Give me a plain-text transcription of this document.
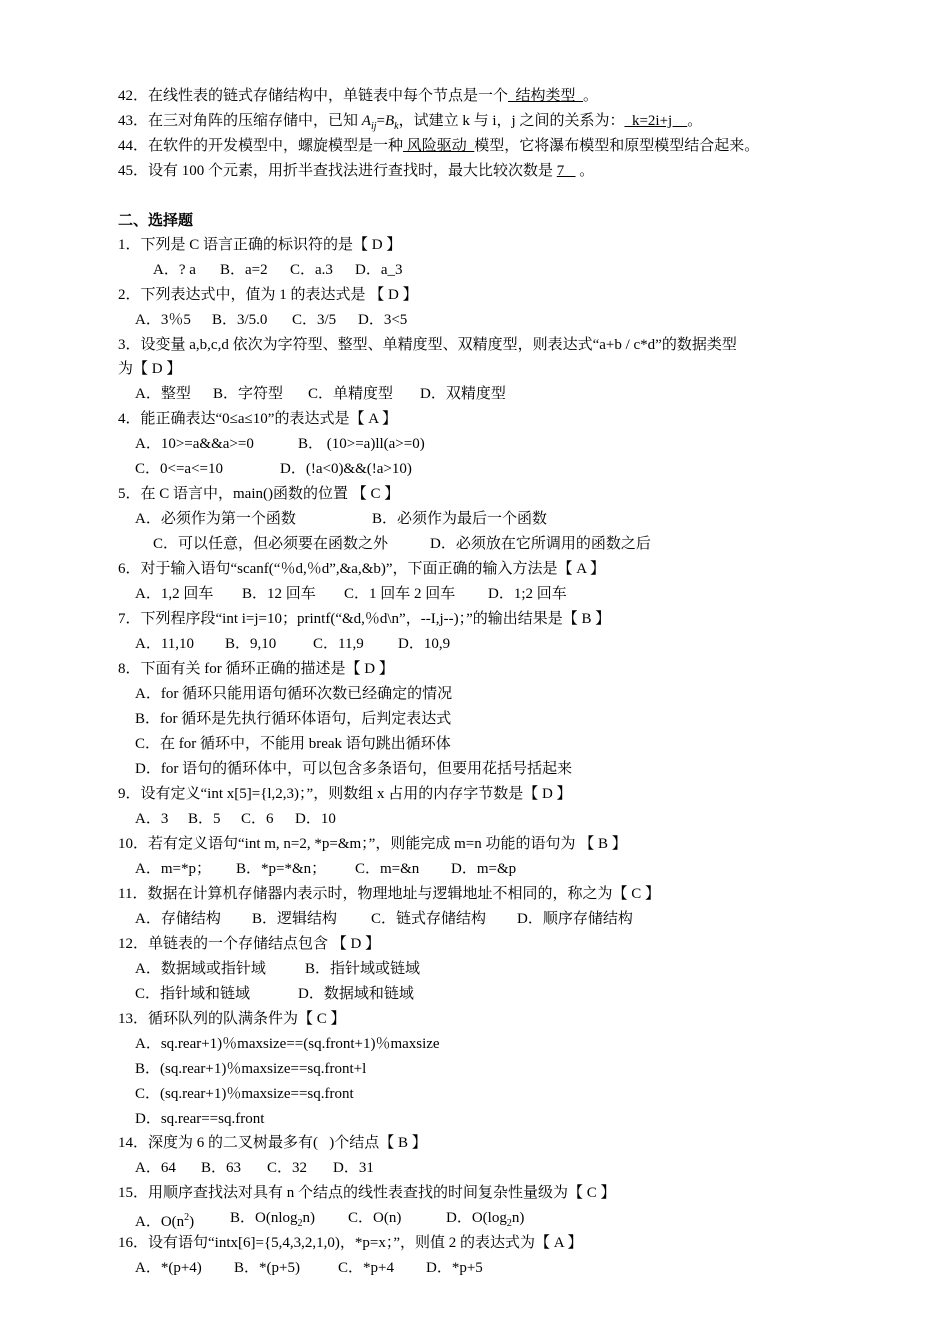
42．在线性表的链式存储结构中，单链表中每个节点是一个  结构类型  。
43．在三对角阵的压缩存储中，已知 $A_{ij}=B_k$，试建立 k 与 i，j 之间的关系为：  k=2i+j    。
44．在软件的开发模型中，螺旋模型是一种 风险驱动  模型，它将瀑布模型和原型模型结合起来。
45．设有 100 个元素，用折半查找法进行查找时，最大比较次数是 7    。
二、选择题
1．下列是 C 语言正确的标识符的是【 D 】
A．? a B．a=2 C．a.3 D．a_3
2．下列表达式中，值为 1 的表达式是 【 D 】
A．3％5 B．3/5.0 C．3/5 D．3<5
3．设变量 a,b,c,d 依次为字符型、整型、单精度型、双精度型，则表达式“a+b / c*d”的数据类型
为【 D 】
A．整型 B．字符型 C．单精度型 D．双精度型
4．能正确表达“0≤a≤10”的表达式是【 A 】
A．10>=a&&a>=0	B． (10>=a)ll(a>=0)
C．0<=a<=10	D．(!a<0)&&(!a>10)
5．在 C 语言中，main()函数的位置 【 C 】
A．必须作为第一个函数	B．必须作为最后一个函数
C．可以任意，但必须要在函数之外	D．必须放在它所调用的函数之后
6．对于输入语句“scanf(“％d,％d”,&a,&b)”，下面正确的输入方法是【 A 】
A．1,2 回车 B．12 回车 C．1 回车 2 回车 D．1;2 回车
7．下列程序段“int i=j=10；printf(“&d,％d\n”，--I,j--)；”的输出结果是【 B 】
A．11,10 B．9,10 C．11,9 D．10,9
8．下面有关 for 循环正确的描述是【 D 】
A．for 循环只能用语句循环次数已经确定的情况
B．for 循环是先执行循环体语句，后判定表达式
C．在 for 循环中，不能用 break 语句跳出循环体
D．for 语句的循环体中，可以包含多条语句，但要用花括号括起来
9．设有定义“int x[5]={l,2,3)；”，则数组 x 占用的内存字节数是【 D 】
A．3 B．5 C．6 D．10
10．若有定义语句“int m, n=2, *p=&m；”，则能完成 m=n 功能的语句为 【 B 】
A．m=*p； B．*p=*&n； C．m=&n D．m=&p
11．数据在计算机存储器内表示时，物理地址与逻辑地址不相同的，称之为【 C 】
A．存储结构 B．逻辑结构 C．链式存储结构 D．顺序存储结构
12．单链表的一个存储结点包含 【 D 】
A．数据域或指针域	B．指针域或链域
C．指针域和链域	D．数据域和链域
13．循环队列的队满条件为【 C 】
A．sq.rear+1)％maxsize==(sq.front+1)％maxsize
B．(sq.rear+1)％maxsize==sq.front+l
C．(sq.rear+1)％maxsize==sq.front
D．sq.rear==sq.front
14．深度为 6 的二叉树最多有(   )个结点【 B 】
A．64 B．63 C．32 D．31
15．用顺序查找法对具有 n 个结点的线性表查找的时间复杂性量级为【 C 】
A．$O(n^2)$ B．O(nlog$_2$n) C．O(n)	D．$O(\log_2n)$
16．设有语句“intx[6]={5,4,3,2,1,0)，*p=x；”，则值 2 的表达式为【 A 】
A．*(p+4) B．*(p+5)	C．*p+4 D．*p+5
